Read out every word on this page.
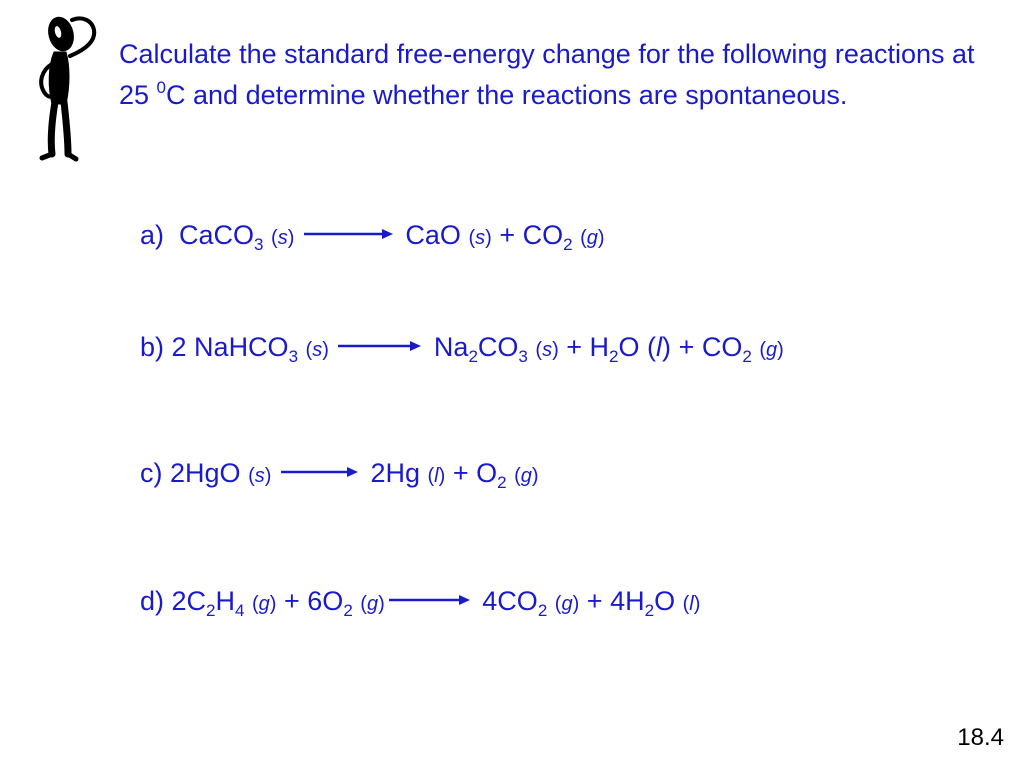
Calculate the standard free-energy change for the following reactions at 25 $^0$C and determine whether the reactions are spontaneous.

a) CaCO$_3$ (s) → CaO $(s) + CO_2$ (g)
b) 2 NaHCO$_3$ $(s) \to Na_2CO_3$ $(s) + H_2O$ $(l) + CO_2$ (g)
c) 2HgO (s) → 2Hg $(l) + O_2$ (g)
d) $2C_2H_4$ $(g) + 6O_2$ $(g)\to 4CO_2$ $(g) + 4H_2O$ (l)
18.4
